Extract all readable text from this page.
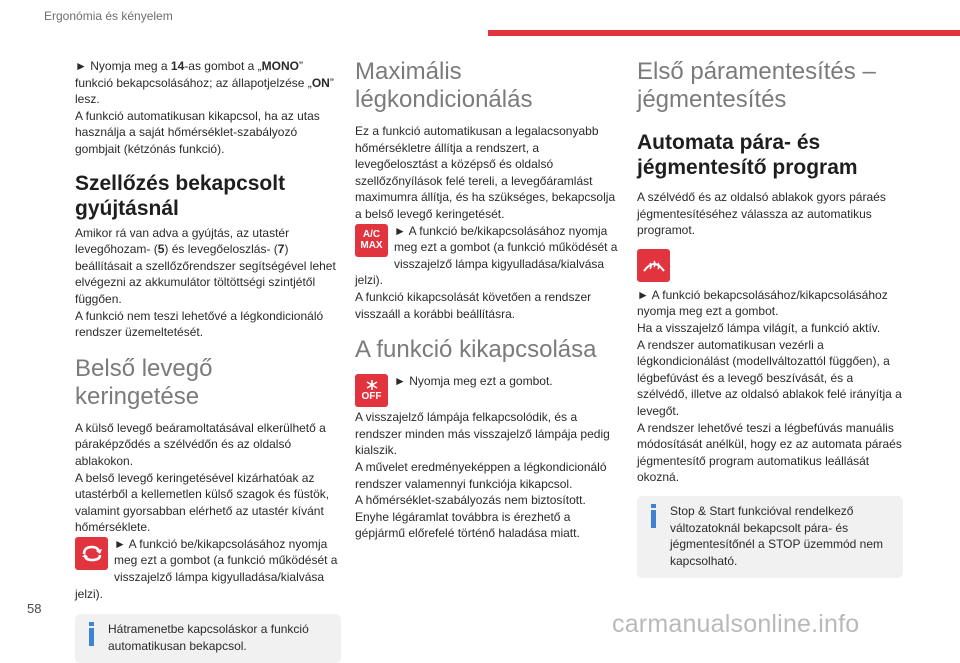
Ergonómia és kényelem

► Nyomja meg a 14-as gombot a „MONO” funkció bekapcsolásához; az állapotjelzése „ON” lesz.

A funkció automatikusan kikapcsol, ha az utas használja a saját hőmérséklet-szabályozó gombjait (kétzónás funkció).

Szellőzés bekapcsolt gyújtásnál

Amikor rá van adva a gyújtás, az utastér levegőhozam- (5) és levegőeloszlás- (7) beállításait a szellőzőrendszer segítségével lehet elvégezni az akkumulátor töltöttségi szintjétől függően.

A funkció nem teszi lehetővé a légkondicionáló rendszer üzemeltetését.

Belső levegő keringetése

A külső levegő beáramoltatásával elkerülhető a páraképződés a szélvédőn és az oldalsó ablakokon.

A belső levegő keringetésével kizárhatóak az utastérből a kellemetlen külső szagok és füstök, valamint gyorsabban elérhető az utastér kívánt hőmérséklete.

► A funkció be/kikapcsolásához nyomja meg ezt a gombot (a funkció működését a visszajelző lámpa kigyulladása/kialvása jelzi).
Hátramenetbe kapcsoláskor a funkció automatikusan bekapcsol.
Maximális légkondicionálás

Ez a funkció automatikusan a legalacsonyabb hőmérsékletre állítja a rendszert, a levegőelosztást a középső és oldalsó szellőzőnyílások felé tereli, a levegőáramlást maximumra állítja, és ha szükséges, bekapcsolja a belső levegő keringetését.

A/C
MAX
► A funkció be/kikapcsolásához nyomja meg ezt a gombot (a funkció működését a visszajelző lámpa kigyulladása/kialvása jelzi).

A funkció kikapcsolását követően a rendszer visszaáll a korábbi beállításra.

A funkció kikapcsolása
OFF
► Nyomja meg ezt a gombot.

A visszajelző lámpája felkapcsolódik, és a rendszer minden más visszajelző lámpája pedig kialszik.

A művelet eredményeképpen a légkondicionáló rendszer valamennyi funkciója kikapcsol.

A hőmérséklet-szabályozás nem biztosított.

Enyhe légáramlat továbbra is érezhető a gépjármű előrefelé történő haladása miatt.

Első páramentesítés – jégmentesítés
Automata pára- és jégmentesítő program

A szélvédő és az oldalsó ablakok gyors páraés jégmentesítéséhez válassza az automatikus programot.

► A funkció bekapcsolásához/kikapcsolásához nyomja meg ezt a gombot.

Ha a visszajelző lámpa világít, a funkció aktív.

A rendszer automatikusan vezérli a légkondicionálást (modellváltozattól függően), a légbefúvást és a levegő beszívását, és a szélvédő, illetve az oldalsó ablakok felé irányítja a levegőt.

A rendszer lehetővé teszi a légbefúvás manuális módosítását anélkül, hogy ez az automata páraés jégmentesítő program automatikus leállását okozná.

Stop & Start funkcióval rendelkező változatoknál bekapcsolt pára- és jégmentesítőnél a STOP üzemmód nem kapcsolható.
58
carmanualsonline.info
